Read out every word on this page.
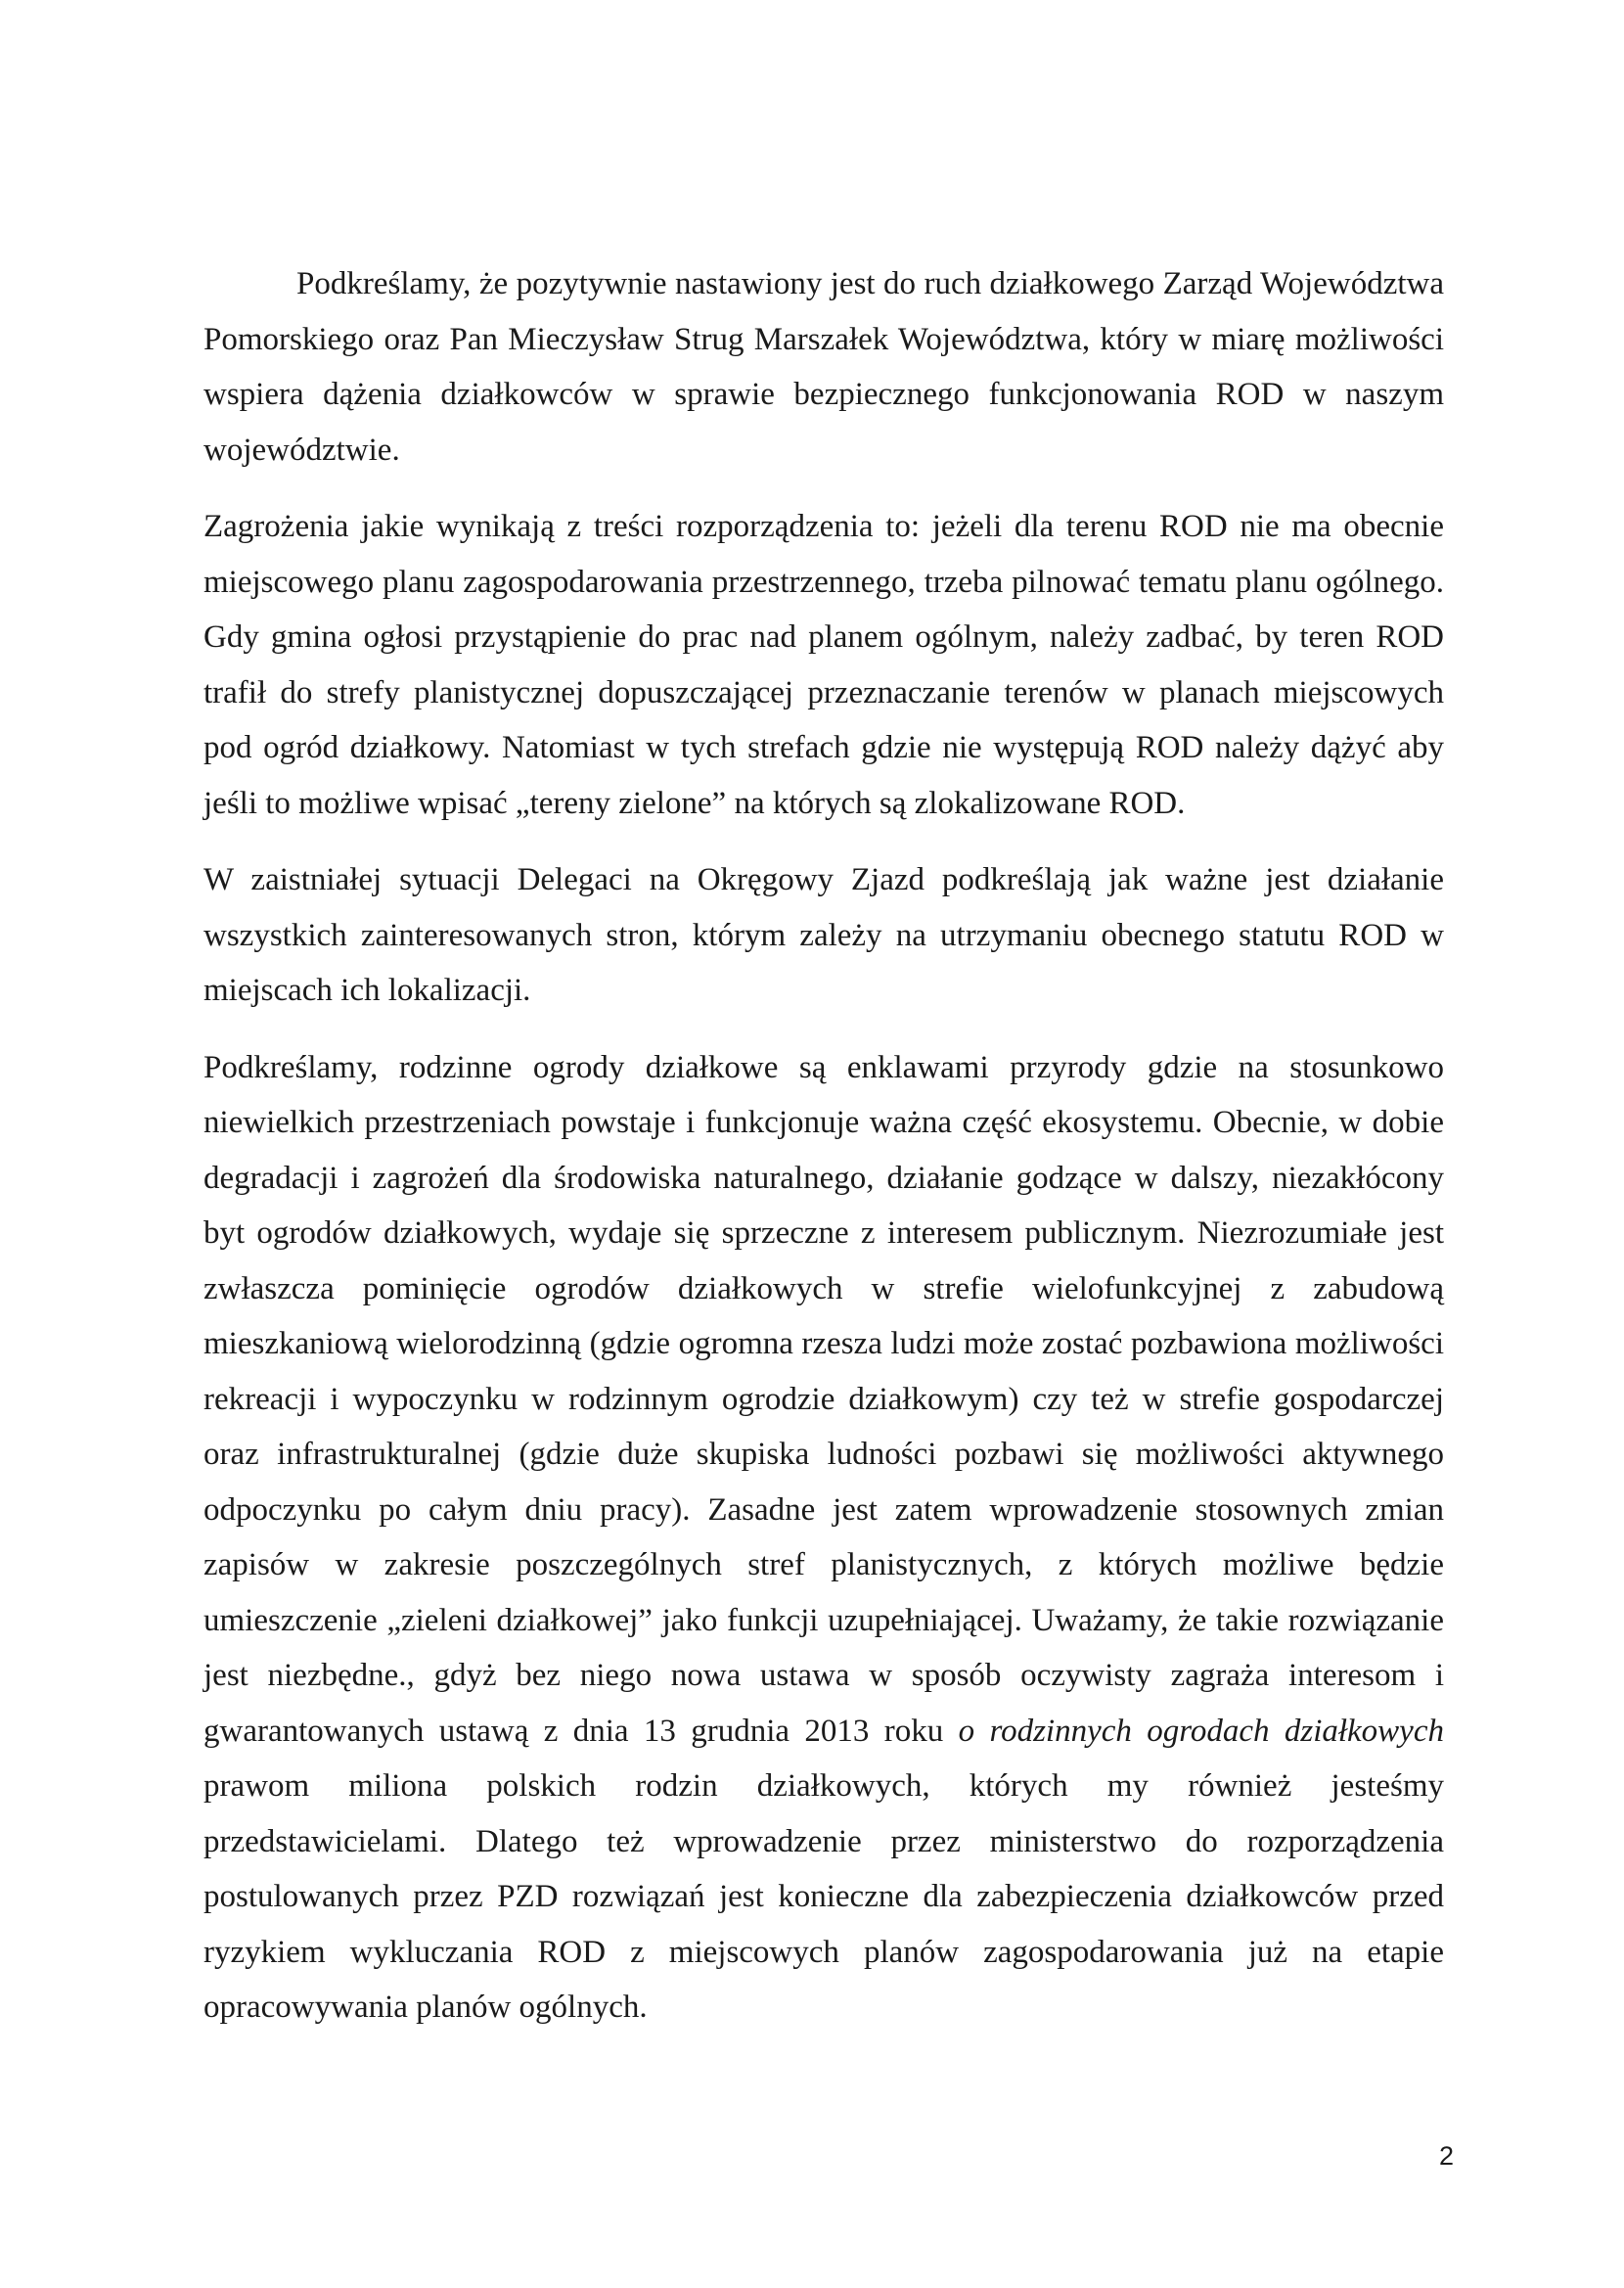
Podkreślamy, że pozytywnie nastawiony jest do ruch działkowego Zarząd Województwa Pomorskiego oraz Pan Mieczysław Strug Marszałek Województwa, który w miarę możliwości wspiera dążenia działkowców w sprawie bezpiecznego funkcjonowania ROD w naszym województwie.

Zagrożenia jakie wynikają z treści rozporządzenia to: jeżeli dla terenu ROD nie ma obecnie miejscowego planu zagospodarowania przestrzennego, trzeba pilnować tematu planu ogólnego. Gdy gmina ogłosi przystąpienie do prac nad planem ogólnym, należy zadbać, by teren ROD trafił do strefy planistycznej dopuszczającej przeznaczanie terenów w planach miejscowych pod ogród działkowy. Natomiast w tych strefach gdzie nie występują ROD należy dążyć aby jeśli to możliwe wpisać „tereny zielone” na których są zlokalizowane ROD.

W zaistniałej sytuacji Delegaci na Okręgowy Zjazd podkreślają jak ważne jest działanie wszystkich zainteresowanych stron, którym zależy na utrzymaniu obecnego statutu ROD w miejscach ich lokalizacji.

Podkreślamy, rodzinne ogrody działkowe są enklawami przyrody gdzie na stosunkowo niewielkich przestrzeniach powstaje i funkcjonuje ważna część ekosystemu. Obecnie, w dobie degradacji i zagrożeń dla środowiska naturalnego, działanie godzące w dalszy, niezakłócony byt ogrodów działkowych, wydaje się sprzeczne z interesem publicznym. Niezrozumiałe jest zwłaszcza pominięcie ogrodów działkowych w strefie wielofunkcyjnej z zabudową mieszkaniową wielorodzinną (gdzie ogromna rzesza ludzi może zostać pozbawiona możliwości rekreacji i wypoczynku w rodzinnym ogrodzie działkowym) czy też w strefie gospodarczej oraz infrastrukturalnej (gdzie duże skupiska ludności pozbawi się możliwości aktywnego odpoczynku po całym dniu pracy). Zasadne jest zatem wprowadzenie stosownych zmian zapisów w zakresie poszczególnych stref planistycznych, z których możliwe będzie umieszczenie „zieleni działkowej” jako funkcji uzupełniającej. Uważamy, że takie rozwiązanie jest niezbędne., gdyż bez niego nowa ustawa w sposób oczywisty zagraża interesom i gwarantowanych ustawą z dnia 13 grudnia 2013 roku o rodzinnych ogrodach działkowych prawom miliona polskich rodzin działkowych, których my również jesteśmy przedstawicielami. Dlatego też wprowadzenie przez ministerstwo do rozporządzenia postulowanych przez PZD rozwiązań jest konieczne dla zabezpieczenia działkowców przed ryzykiem wykluczania ROD z miejscowych planów zagospodarowania już na etapie opracowywania planów ogólnych.

2
